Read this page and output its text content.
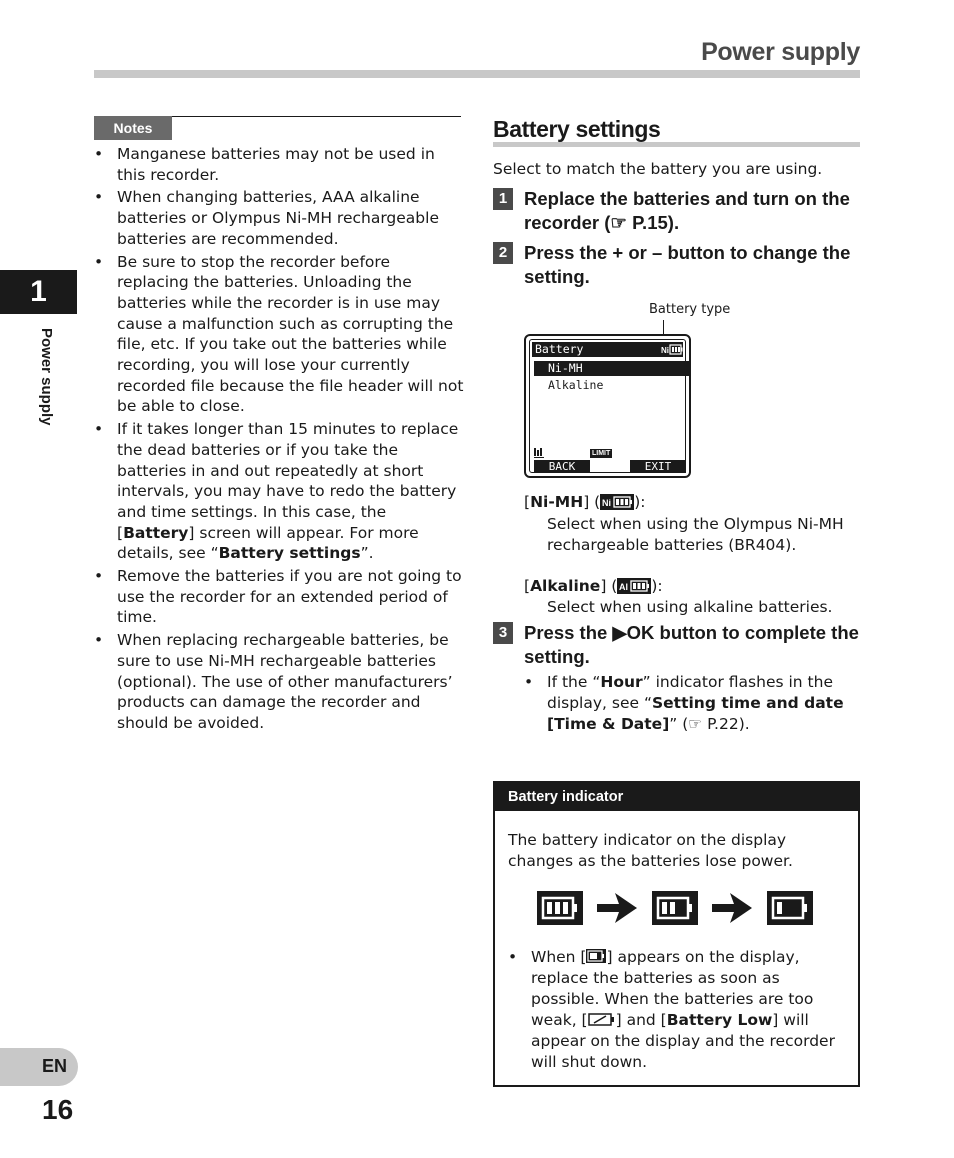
Power supply
1
Power supply
EN
16
Notes
• Manganese batteries may not be used in this recorder.
• When changing batteries, AAA alkaline batteries or Olympus Ni-MH rechargeable batteries are recommended.
• Be sure to stop the recorder before replacing the batteries. Unloading the batteries while the recorder is in use may cause a malfunction such as corrupting the file, etc. If you take out the batteries while recording, you will lose your currently recorded file because the file header will not be able to close.
• If it takes longer than 15 minutes to replace the dead batteries or if you take the batteries in and out repeatedly at short intervals, you may have to redo the battery and time settings. In this case, the [Battery] screen will appear. For more details, see “Battery settings”.
• Remove the batteries if you are not going to use the recorder for an extended period of time.
• When replacing rechargeable batteries, be sure to use Ni-MH rechargeable batteries (optional). The use of other manufacturers’ products can damage the recorder and should be avoided.
Battery settings
Select to match the battery you are using.
1 Replace the batteries and turn on the recorder (☞ P.15).
2 Press the + or – button to change the setting.
Battery type
Battery	Ni
Ni-MH
Alkaline
LIMIT
BACK	EXIT
[Ni-MH] ( Ni ):
Select when using the Olympus Ni-MH rechargeable batteries (BR404).
[Alkaline] ( Al ):
Select when using alkaline batteries.
3 Press the ▶OK button to complete the setting.
• If the “Hour” indicator flashes in the display, see “Setting time and date [Time & Date]” (☞ P.22).
Battery indicator
The battery indicator on the display changes as the batteries lose power.
• When [ ] appears on the display, replace the batteries as soon as possible. When the batteries are too weak, [ ] and [Battery Low] will appear on the display and the recorder will shut down.
